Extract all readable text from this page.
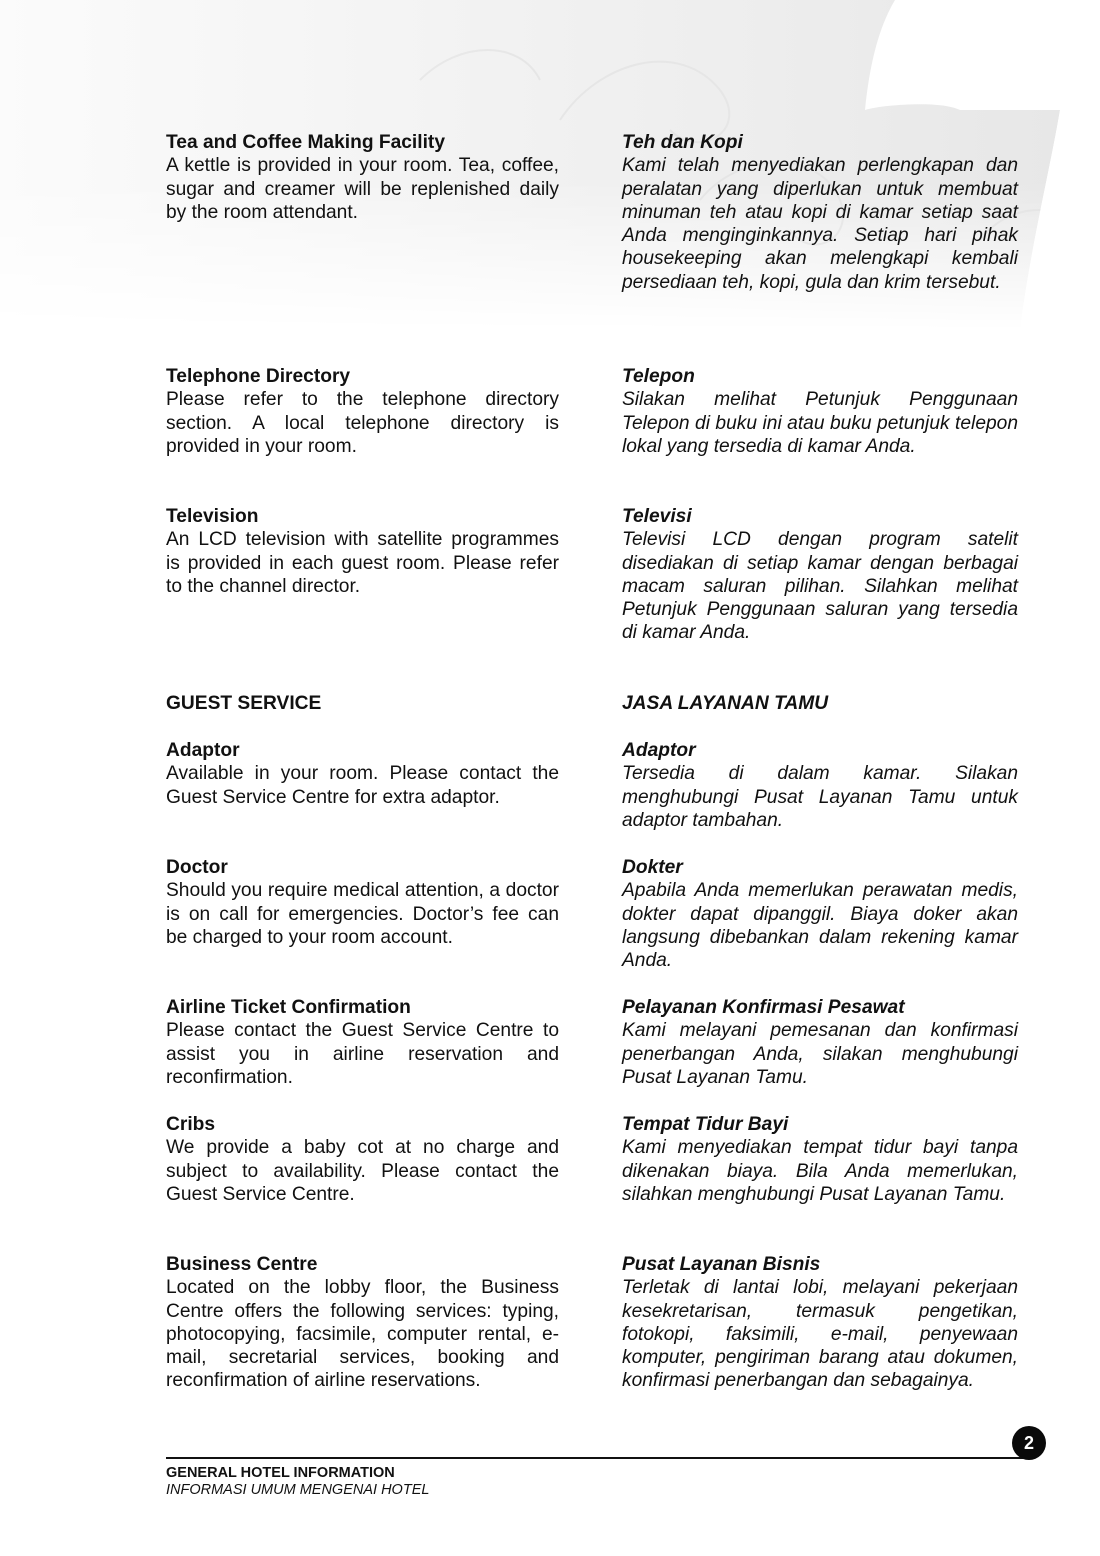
Tea and Coffee Making Facility
A kettle is provided in your room. Tea, coffee, sugar and creamer will be replenished daily by the room attendant.
Telephone Directory
Please refer to the telephone directory section. A local telephone directory is provided in your room.
Television
An LCD television with satellite programmes is provided in each guest room. Please refer to the channel director.
GUEST SERVICE
Adaptor
Available in your room. Please contact the Guest Service Centre for extra adaptor.
Doctor
Should you require medical attention, a doctor is on call for emergencies. Doctor’s fee can be charged to your room account.
Airline Ticket Confirmation
Please contact the Guest Service Centre to assist you in airline reservation and reconfirmation.
Cribs
We provide a baby cot at no charge and subject to availability. Please contact the Guest Service Centre.
Business Centre
Located on the lobby floor, the Business Centre offers the following services: typing, photocopying, facsimile, computer rental, e-mail, secretarial services, booking and reconfirmation of airline reservations.
Teh dan Kopi
Kami telah menyediakan perlengkapan dan peralatan yang diperlukan untuk membuat minuman teh atau kopi di kamar setiap saat Anda menginginkannya. Setiap hari pihak housekeeping akan melengkapi kembali persediaan teh, kopi, gula dan krim tersebut.
Telepon
Silakan melihat Petunjuk Penggunaan Telepon di buku ini atau buku petunjuk telepon lokal yang tersedia di kamar Anda.
Televisi
Televisi LCD dengan program satelit disediakan di setiap kamar dengan berbagai macam saluran pilihan. Silahkan melihat Petunjuk Penggunaan saluran yang tersedia di kamar Anda.
JASA LAYANAN TAMU
Adaptor
Tersedia di dalam kamar. Silakan menghubungi Pusat Layanan Tamu untuk adaptor tambahan.
Dokter
Apabila Anda memerlukan perawatan medis, dokter dapat dipanggil. Biaya doker akan langsung dibebankan dalam rekening kamar Anda.
Pelayanan Konfirmasi Pesawat
Kami melayani pemesanan dan konfirmasi penerbangan Anda, silakan menghubungi Pusat Layanan Tamu.
Tempat Tidur Bayi
Kami menyediakan tempat tidur bayi tanpa dikenakan biaya. Bila Anda memerlukan, silahkan menghubungi Pusat Layanan Tamu.
Pusat Layanan Bisnis
Terletak di lantai lobi, melayani pekerjaan kesekretarisan, termasuk pengetikan, fotokopi, faksimili, e-mail, penyewaan komputer, pengiriman barang atau dokumen, konfirmasi penerbangan dan sebagainya.
2
GENERAL HOTEL INFORMATION
INFORMASI UMUM MENGENAI HOTEL
